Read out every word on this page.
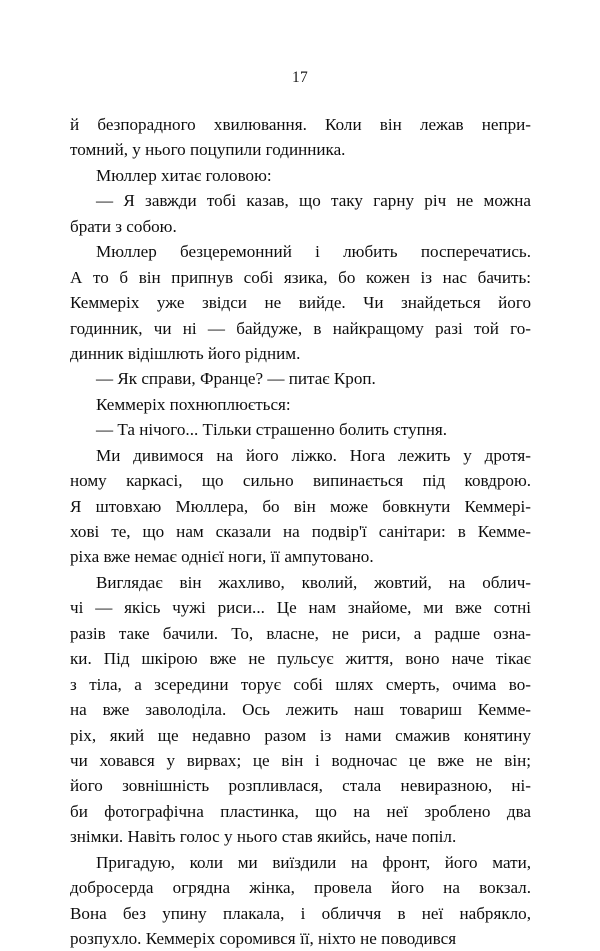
17
й безпорадного хвилювання. Коли він лежав непри-
томний, у нього поцупили годинника.
Мюллер хитає головою:
— Я завжди тобі казав, що таку гарну річ не можна
брати з собою.
Мюллер безцеремонний і любить посперечатись.
А то б він припнув собі язика, бо кожен із нас бачить:
Кеммеріх уже звідси не вийде. Чи знайдеться його
годинник, чи ні — байдуже, в найкращому разі той го-
динник відішлють його рідним.
— Як справи, Франце? — питає Кроп.
Кеммеріх похнюплюється:
— Та нічого... Тільки страшенно болить ступня.
Ми дивимося на його ліжко. Нога лежить у дротя-
ному каркасі, що сильно випинається під ковдрою.
Я штовхаю Мюллера, бо він може бовкнути Кеммері-
хові те, що нам сказали на подвір'ї санітари: в Кемме-
ріха вже немає однієї ноги, її ампутовано.
Виглядає він жахливо, кволий, жовтий, на облич-
чі — якісь чужі риси... Це нам знайоме, ми вже сотні
разів таке бачили. То, власне, не риси, а радше озна-
ки. Під шкірою вже не пульсує життя, воно наче тікає
з тіла, а зсередини торує собі шлях смерть, очима во-
на вже заволоділа. Ось лежить наш товариш Кемме-
ріх, який ще недавно разом із нами смажив конятину
чи ховався у вирвах; це він і водночас це вже не він;
його зовнішність розпливлася, стала невиразною, ні-
би фотографічна пластинка, що на неї зроблено два
знімки. Навіть голос у нього став якийсь, наче попіл.
Пригадую, коли ми виїздили на фронт, його мати,
добросерда огрядна жінка, провела його на вокзал.
Вона без упину плакала, і обличчя в неї набрякло,
розпухло. Кеммеріх соромився її, ніхто не поводився
